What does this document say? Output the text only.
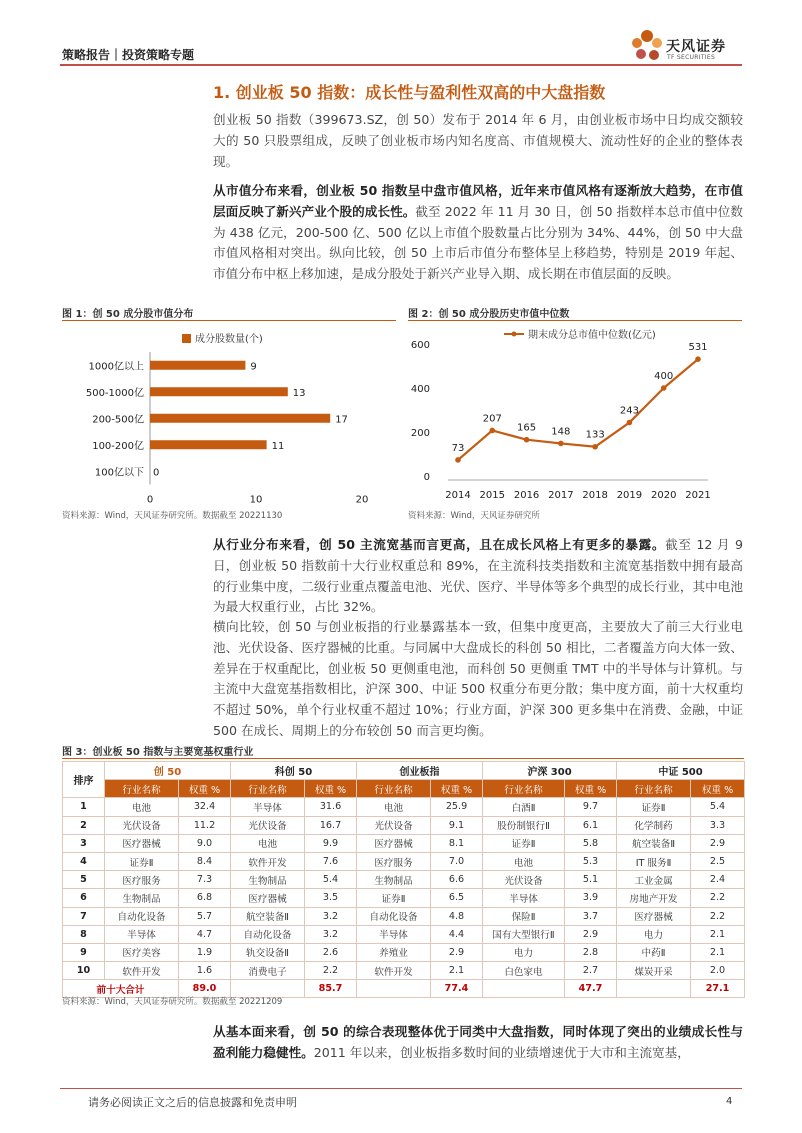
策略报告｜投资策略专题	天风证券
TF SECURITIES
1. 创业板 50 指数：成长性与盈利性双高的中大盘指数
创业板 50 指数（399673.SZ，创 50）发布于 2014 年 6 月，由创业板市场中日均成交额较大的 50 只股票组成，反映了创业板市场内知名度高、市值规模大、流动性好的企业的整体表现。
从市值分布来看，创业板 50 指数呈中盘市值风格，近年来市值风格有逐渐放大趋势，在市值层面反映了新兴产业个股的成长性。截至 2022 年 11 月 30 日，创 50 指数样本总市值中位数为 438 亿元，200-500 亿、500 亿以上市值个股数量占比分别为 34%、44%，创 50 中大盘市值风格相对突出。纵向比较，创 50 上市后市值分布整体呈上移趋势，特别是 2019 年起、市值分布中枢上移加速，是成分股处于新兴产业导入期、成长期在市值层面的反映。
图 1：创 50 成分股市值分布
成分股数量(个)
1000亿以上	9
500-1000亿	13
200-500亿	17
100-200亿	11
100亿以下 0
0	10	20
资料来源：Wind，天风证券研究所。数据截至 20221130
图 2：创 50 成分股历史市值中位数
期末成分总市值中位数(亿元)
0
200
400
600
73
2014
207
2015
165
2016
148
2017
133
2018
243
2019
400
2020
531
2021
资料来源：Wind，天风证券研究所
从行业分布来看，创 50 主流宽基而言更高，且在成长风格上有更多的暴露。截至 12 月 9 日，创业板 50 指数前十大行业权重总和 89%，在主流科技类指数和主流宽基指数中拥有最高的行业集中度，二级行业重点覆盖电池、光伏、医疗、半导体等多个典型的成长行业，其中电池为最大权重行业，占比 32%。
横向比较，创 50 与创业板指的行业暴露基本一致，但集中度更高，主要放大了前三大行业电池、光伏设备、医疗器械的比重。与同属中大盘成长的科创 50 相比，二者覆盖方向大体一致、差异在于权重配比，创业板 50 更侧重电池，而科创 50 更侧重 TMT 中的半导体与计算机。与主流中大盘宽基指数相比，沪深 300、中证 500 权重分布更分散；集中度方面，前十大权重均不超过 50%，单个行业权重不超过 10%；行业方面，沪深 300 更多集中在消费、金融，中证 500 在成长、周期上的分布较创 50 而言更均衡。
图 3：创业板 50 指数与主要宽基权重行业
排序	创 50		科创 50		创业板指		沪深 300		中证 500	
	行业名称	权重 %	行业名称	权重 %	行业名称	权重 %	行业名称	权重 %	行业名称	权重 %
1	电池	32.4	半导体	31.6	电池	25.9	白酒Ⅱ	9.7	证券Ⅱ	5.4
2	光伏设备	11.2	光伏设备	16.7	光伏设备	9.1	股份制银行Ⅱ	6.1	化学制药	3.3
3	医疗器械	9.0	电池	9.9	医疗器械	8.1	证券Ⅱ	5.8	航空装备Ⅱ	2.9
4	证券Ⅱ	8.4	软件开发	7.6	医疗服务	7.0	电池	5.3	IT 服务Ⅱ	2.5
5	医疗服务	7.3	生物制品	5.4	生物制品	6.6	光伏设备	5.1	工业金属	2.4
6	生物制品	6.8	医疗器械	3.5	证券Ⅱ	6.5	半导体	3.9	房地产开发	2.2
7	自动化设备	5.7	航空装备Ⅱ	3.2	自动化设备	4.8	保险Ⅱ	3.7	医疗器械	2.2
8	半导体	4.7	自动化设备	3.2	半导体	4.4	国有大型银行Ⅱ	2.9	电力	2.1
9	医疗美容	1.9	轨交设备Ⅱ	2.6	养殖业	2.9	电力	2.8	中药Ⅱ	2.1
10	软件开发	1.6	消费电子	2.2	软件开发	2.1	白色家电	2.7	煤炭开采	2.0
前十大合计		89.0		85.7		77.4		47.7		27.1
资料来源：Wind，天风证券研究所。数据截至 20221209
从基本面来看，创 50 的综合表现整体优于同类中大盘指数，同时体现了突出的业绩成长性与盈利能力稳健性。2011 年以来，创业板指多数时间的业绩增速优于大市和主流宽基，
请务必阅读正文之后的信息披露和免责申明	4
